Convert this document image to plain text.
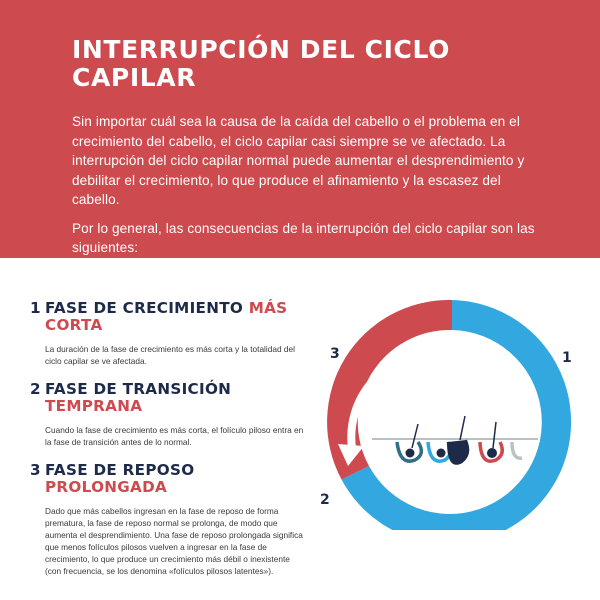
INTERRUPCIÓN DEL CICLO
CAPILAR

Sin importar cuál sea la causa de la caída del cabello o el problema en el crecimiento del cabello, el ciclo capilar casi siempre se ve afectado. La interrupción del ciclo capilar normal puede aumentar el desprendimiento y debilitar el crecimiento, lo que produce el afinamiento y la escasez del cabello.

Por lo general, las consecuencias de la interrupción del ciclo capilar son las siguientes:

1 FASE DE CRECIMIENTO MÁS CORTA

La duración de la fase de crecimiento es más corta y la totalidad del ciclo capilar se ve afectada.

2 FASE DE TRANSICIÓN TEMPRANA

Cuando la fase de crecimiento es más corta, el folículo piloso entra en la fase de transición antes de lo normal.

3 FASE DE REPOSO PROLONGADA

Dado que más cabellos ingresan en la fase de reposo de forma prematura, la fase de reposo normal se prolonga, de modo que aumenta el desprendimiento. Una fase de reposo prolongada significa que menos folículos pilosos vuelven a ingresar en la fase de crecimiento, lo que produce un crecimiento más débil o inexistente (con frecuencia, se los denomina «folículos pilosos latentes»).

1
2
3
